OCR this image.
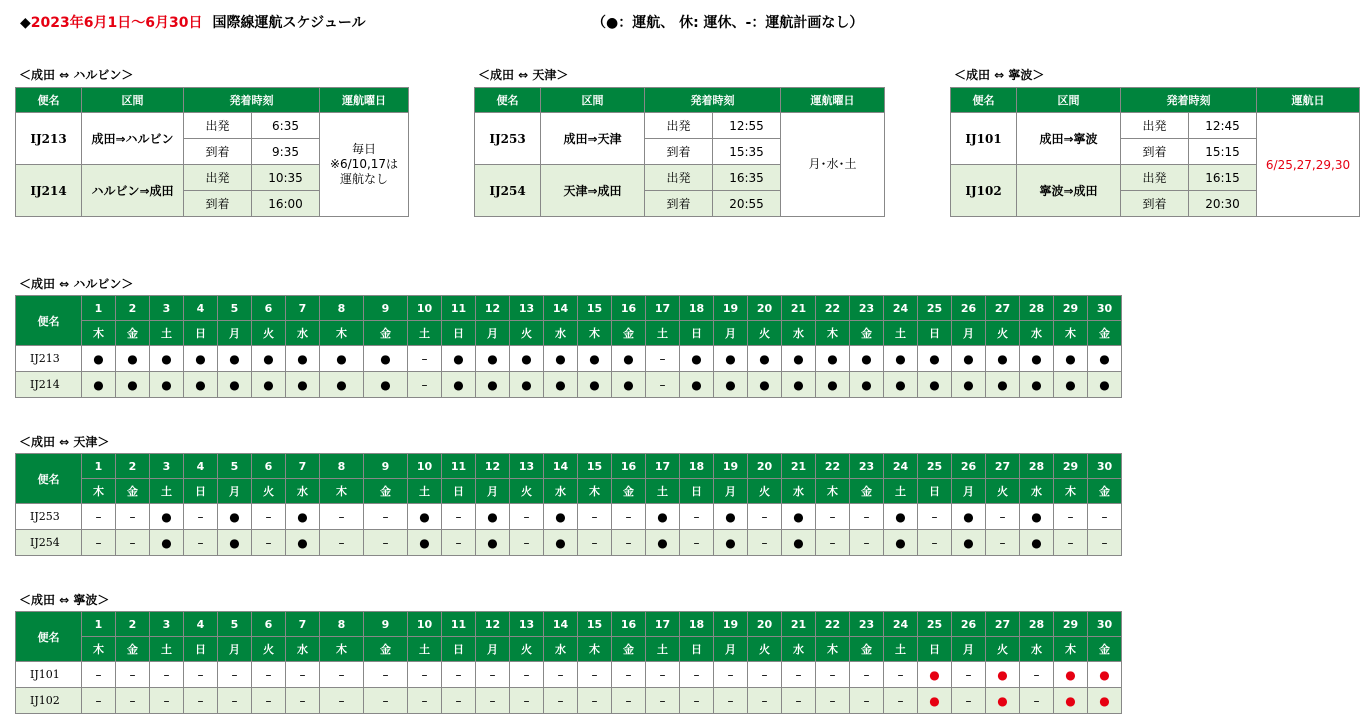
◆2023年6月1日～6月30日 国際線運航スケジュール	（●：運航、 休: 運休、-：運航計画なし）
＜成田 ⇔ ハルビン＞
便名	区間	発着時刻		運航曜日
IJ213	成田⇒ハルビン	出発	6:35	毎日
※6/10,17は
運航なし

		到着	9:35	
IJ214	ハルビン⇒成田	出発	10:35	
		到着	16:00	
＜成田 ⇔ 天津＞
便名	区間	発着時刻		運航曜日
IJ253	成田⇒天津	出発	12:55	月･水･土

		到着	15:35	
IJ254	天津⇒成田	出発	16:35	
		到着	20:55	
＜成田 ⇔ 寧波＞
便名	区間	発着時刻		運航日
IJ101	成田⇒寧波	出発	12:45	6/25,27,29,30

		到着	15:15	
IJ102	寧波⇒成田	出発	16:15	
		到着	20:30	
＜成田 ⇔ ハルビン＞
便名	1	2	3	4	5	6	7	8	9	10	11	12	13	14	15	16	17	18	19	20	21	22	23	24	25	26	27	28	29	30
	木	金	土	日	月	火	水	木	金	土	日	月	火	水	木	金	土	日	月	火	水	木	金	土	日	月	火	水	木	金
IJ213	●	●	●	●	●	●	●	●	●	–	●	●	●	●	●	●	–	●	●	●	●	●	●	●	●	●	●	●	●	●
IJ214	●	●	●	●	●	●	●	●	●	–	●	●	●	●	●	●	–	●	●	●	●	●	●	●	●	●	●	●	●	●
＜成田 ⇔ 天津＞
便名	1	2	3	4	5	6	7	8	9	10	11	12	13	14	15	16	17	18	19	20	21	22	23	24	25	26	27	28	29	30
	木	金	土	日	月	火	水	木	金	土	日	月	火	水	木	金	土	日	月	火	水	木	金	土	日	月	火	水	木	金
IJ253	–	–	●	–	●	–	●	–	–	●	–	●	–	●	–	–	●	–	●	–	●	–	–	●	–	●	–	●	–	–
IJ254	–	–	●	–	●	–	●	–	–	●	–	●	–	●	–	–	●	–	●	–	●	–	–	●	–	●	–	●	–	–
＜成田 ⇔ 寧波＞
便名	1	2	3	4	5	6	7	8	9	10	11	12	13	14	15	16	17	18	19	20	21	22	23	24	25	26	27	28	29	30
	木	金	土	日	月	火	水	木	金	土	日	月	火	水	木	金	土	日	月	火	水	木	金	土	日	月	火	水	木	金
IJ101	–	–	–	–	–	–	–	–	–	–	–	–	–	–	–	–	–	–	–	–	–	–	–	–	●	–	●	–	●	●
IJ102	–	–	–	–	–	–	–	–	–	–	–	–	–	–	–	–	–	–	–	–	–	–	–	–	●	–	●	–	●	●
